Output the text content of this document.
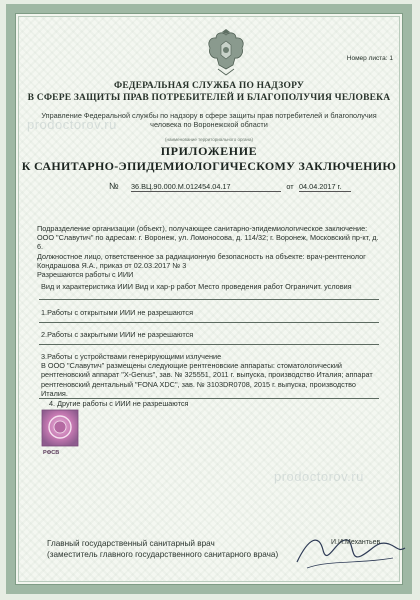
Номер листа: 1
ФЕДЕРАЛЬНАЯ СЛУЖБА ПО НАДЗОРУ
В СФЕРЕ ЗАЩИТЫ ПРАВ ПОТРЕБИТЕЛЕЙ И БЛАГОПОЛУЧИЯ ЧЕЛОВЕКА
Управление Федеральной службы по надзору в сфере защиты прав потребителей и благополучия человека по Воронежской области
prodoctorov.ru
(наименование территориального органа)
ПРИЛОЖЕНИЕ
К САНИТАРНО-ЭПИДЕМИОЛОГИЧЕСКОМУ ЗАКЛЮЧЕНИЮ
№ 36.ВЦ.90.000.М.012454.04.17	от 04.04.2017 г.
Подразделение организации (объект), получающее санитарно-эпидемиологическое заключение: ООО "Славутич" по адресам: г. Воронеж, ул. Ломоносова, д. 114/32; г. Воронеж, Московский пр-кт, д. 6.
Должностное лицо, ответственное за радиационную безопасность на объекте: врач-рентгенолог Кондрашова Я.А., приказ от 02.03.2017 № 3
Разрешаются работы с ИИИ
Вид и характеристика ИИИ Вид и хар-р работ Место проведения работ Ограничит. условия
1.Работы с открытыми ИИИ не разрешаются
2.Работы с закрытыми ИИИ не разрешаются
3.Работы с устройствами генерирующими излучение
В ООО "Славутич" размещены следующие рентгеновские аппараты: стоматологический рентгеновский аппарат "X-Genus", зав. № 325551, 2011 г. выпуска, производство Италия; аппарат рентгеновский дентальный "FONA XDC", зав. № 3103DR0708, 2015 г. выпуска, производство Италия.
4. Другие работы с ИИИ не разрешаются
РФСВ
prodoctorov.ru
Главный государственный санитарный врач
(заместитель главного государственного санитарного врача)
И.И.Механтьев
